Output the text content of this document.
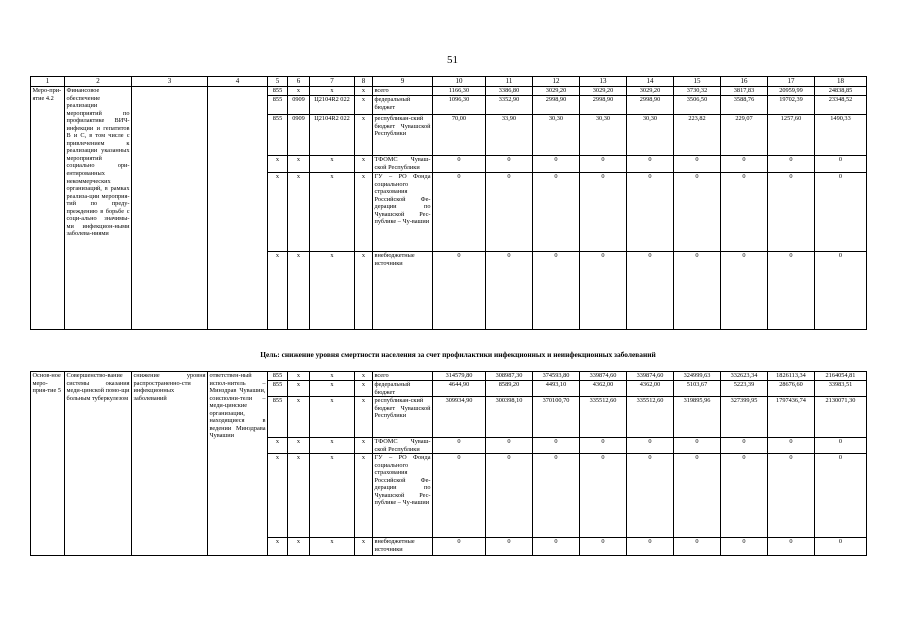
51
1	2	3	4	5	6	7	8	9	10	11	12	13	14	15	16	17	18
Меро-при-ятие 4.2	Финансовое обеспечение реализации мероприятий по профилактике ВИЧ-инфекции и гепатитов B и C, в том числе с привлечением к реализации указанных мероприятий социально ори-ентированных некоммерческих организаций, в рамках реализа-ции мероприя-тий по преду-преждению в борьбе с соци-ально значимы-ми инфекцион-ными заболева-ниями			855	x	x	x	всего	1166,30	3386,80	3029,20	3029,20	3029,20	3730,32	3817,83	20959,99	24838,85
				855	0909	Ц2104R2 022	x	федеральный бюджет	1096,30	3352,90	2998,90	2998,90	2998,90	3506,50	3588,76	19702,39	23348,52
				855	0909	Ц2104R2 022	x	республикан-ский бюджет Чувашской Республики	70,00	33,90	30,30	30,30	30,30	223,82	229,07	1257,60	1490,33
				x	x	x	x	ТФОМС Чуваш-ской Республики	0	0	0	0	0	0	0	0	0
				x	x	x	x	ГУ – РО Фонда социального страхования Российской Фе-дерации по Чувашской Рес-публике – Чу-вашии	0	0	0	0	0	0	0	0	0
				x	x	x	x	внебюджетные источники	0	0	0	0	0	0	0	0	0
Цель: снижение уровня смертности населения за счет профилактики инфекционных и неинфекционных заболеваний
Основ-ное меро-прия-тие 5	Совершенство-вание системы оказания меди-цинской помо-щи больным туберкулезом	снижение уровня распространенно-сти инфекционных заболеваний	ответствен-ный испол-нитель – Минздрав Чувашии, соисполни-тели – меди-цинские организации, находящиеся в ведении Минздрава Чувашии	855	x	x	x	всего	314579,80	308987,30	374593,80	339874,60	339874,60	324999,63	332623,34	1826113,34	2164054,81
				855	x	x	x	федеральный бюджет	4644,90	8589,20	4493,10	4362,00	4362,00	5103,67	5223,39	28676,60	33983,51
				855	x	x	x	республикан-ский бюджет Чувашской Республики	309934,90	300398,10	370100,70	335512,60	335512,60	319895,96	327399,95	1797436,74	2130071,30
				x	x	x	x	ТФОМС Чуваш-ской Республики	0	0	0	0	0	0	0	0	0
				x	x	x	x	ГУ – РО Фонда социального страхования Российской Фе-дерации по Чувашской Рес-публике – Чу-вашии	0	0	0	0	0	0	0	0	0
				x	x	x	x	внебюджетные источники	0	0	0	0	0	0	0	0	0
